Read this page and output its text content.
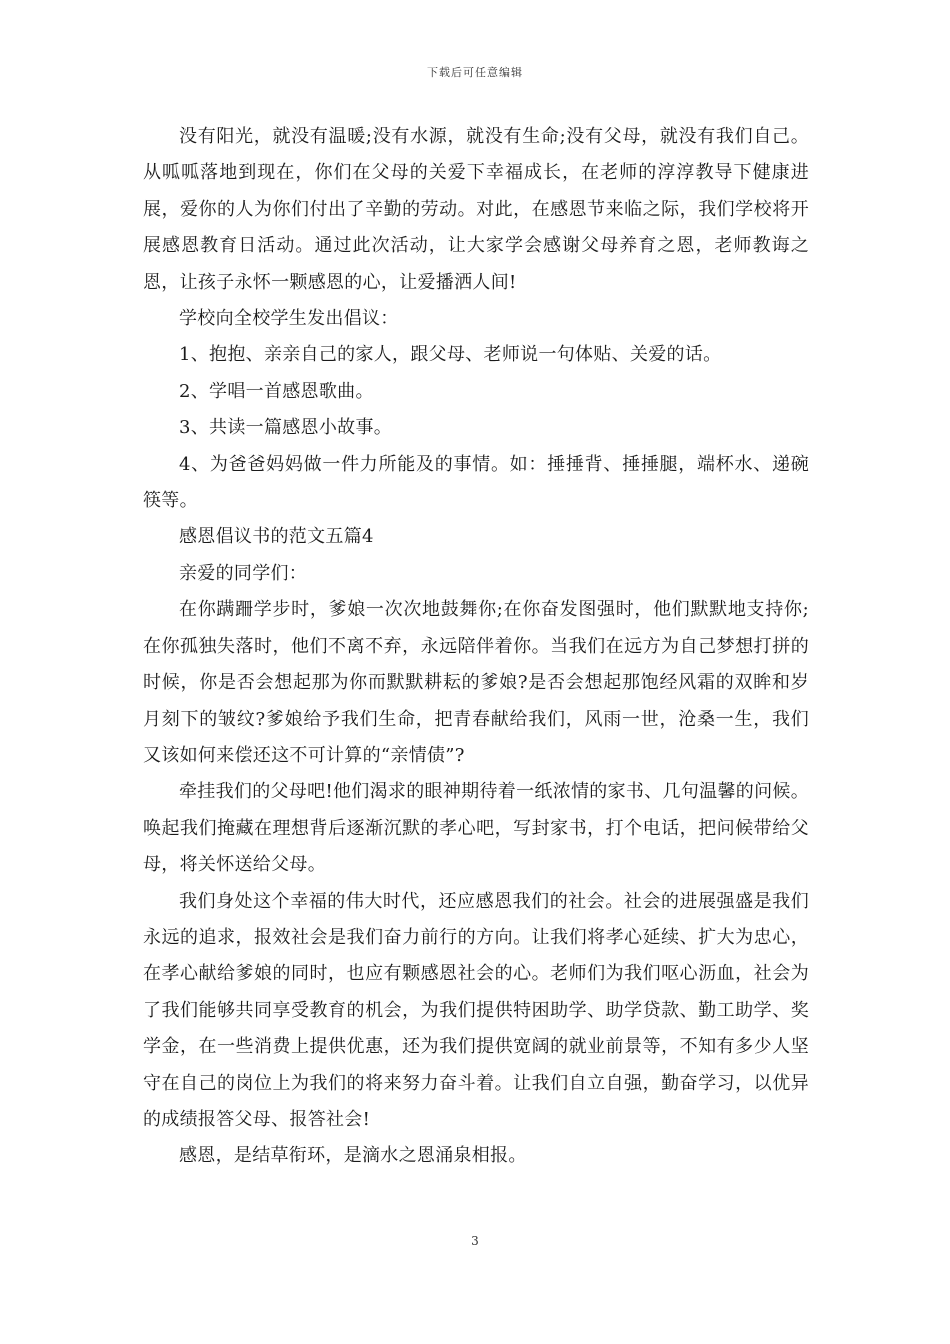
下载后可任意编辑

没有阳光，就没有温暖;没有水源，就没有生命;没有父母，就没有我们自己。从呱呱落地到现在，你们在父母的关爱下幸福成长，在老师的淳淳教导下健康进展，爱你的人为你们付出了辛勤的劳动。对此，在感恩节来临之际，我们学校将开展感恩教育日活动。通过此次活动，让大家学会感谢父母养育之恩，老师教诲之恩，让孩子永怀一颗感恩的心，让爱播洒人间!

学校向全校学生发出倡议：

1、抱抱、亲亲自己的家人，跟父母、老师说一句体贴、关爱的话。

2、学唱一首感恩歌曲。

3、共读一篇感恩小故事。

4、为爸爸妈妈做一件力所能及的事情。如：捶捶背、捶捶腿，端杯水、递碗筷等。

感恩倡议书的范文五篇4

亲爱的同学们：

在你蹒跚学步时，爹娘一次次地鼓舞你;在你奋发图强时，他们默默地支持你;在你孤独失落时，他们不离不弃，永远陪伴着你。当我们在远方为自己梦想打拼的时候，你是否会想起那为你而默默耕耘的爹娘?是否会想起那饱经风霜的双眸和岁月刻下的皱纹?爹娘给予我们生命，把青春献给我们，风雨一世，沧桑一生，我们又该如何来偿还这不可计算的“亲情债”?

牵挂我们的父母吧!他们渴求的眼神期待着一纸浓情的家书、几句温馨的问候。唤起我们掩藏在理想背后逐渐沉默的孝心吧，写封家书，打个电话，把问候带给父母，将关怀送给父母。

我们身处这个幸福的伟大时代，还应感恩我们的社会。社会的进展强盛是我们永远的追求，报效社会是我们奋力前行的方向。让我们将孝心延续、扩大为忠心，在孝心献给爹娘的同时，也应有颗感恩社会的心。老师们为我们呕心沥血，社会为了我们能够共同享受教育的机会，为我们提供特困助学、助学贷款、勤工助学、奖学金，在一些消费上提供优惠，还为我们提供宽阔的就业前景等，不知有多少人坚守在自己的岗位上为我们的将来努力奋斗着。让我们自立自强，勤奋学习，以优异的成绩报答父母、报答社会!

感恩，是结草衔环，是滴水之恩涌泉相报。

3
